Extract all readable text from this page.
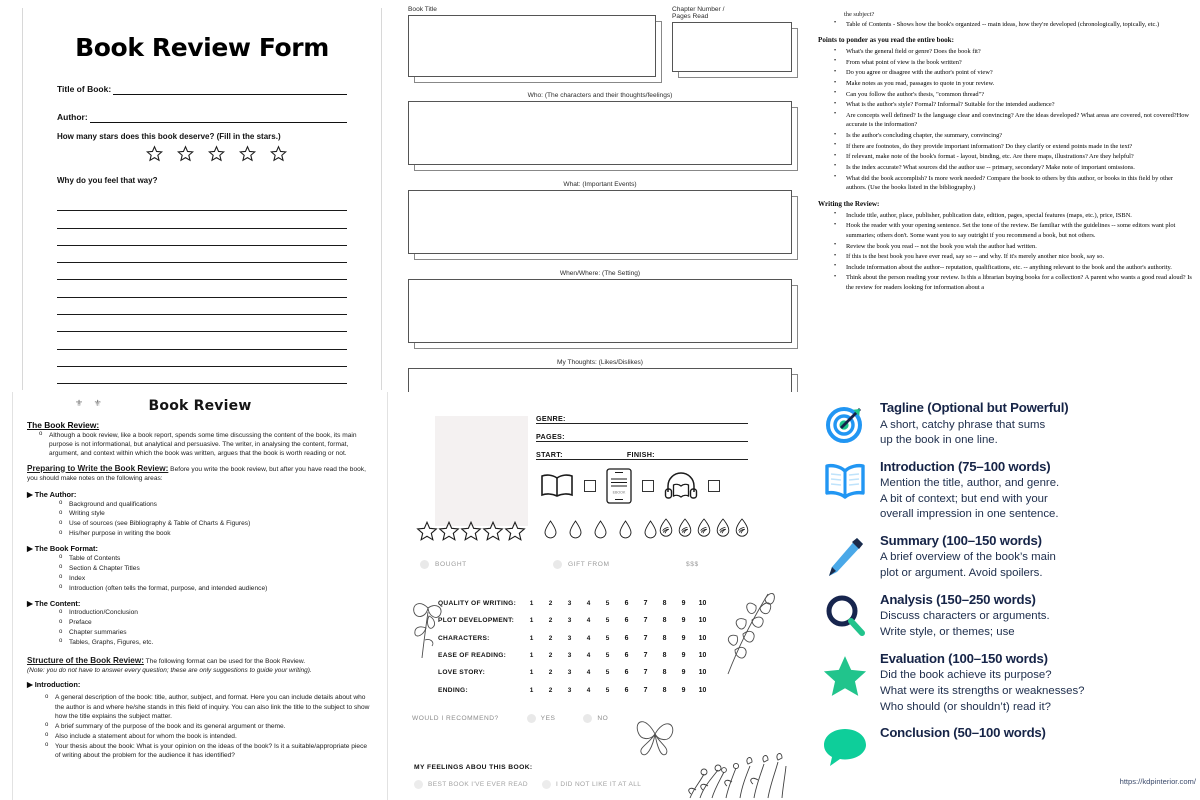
Book Review Form
Title of Book:
Author:
How many stars does this book deserve? (Fill in the stars.)
Why do you feel that way?
Book Title	Chapter Number /
Pages Read
Who: (The characters and their thoughts/feelings)
What: (Important Events)
When/Where: (The Setting)
My Thoughts: (Likes/Dislikes)
⚜ ⚜	Book Review
The Book Review:
o Although a book review, like a book report, spends some time discussing the content of the book, its main purpose is not informational, but analytical and persuasive. The writer, in analysing the content, format, argument, and context within which the book was written, argues that the book is worth reading or not.
Preparing to Write the Book Review: Before you write the book review, but after you have read the book, you should make notes on the following areas:
▶ The Author:
o Background and qualifications
o Writing style
o Use of sources (see Bibliography & Table of Charts & Figures)
o His/her purpose in writing the book
▶ The Book Format:
o Table of Contents
o Section & Chapter Titles
o Index
o Introduction (often tells the format, purpose, and intended audience)
▶ The Content:
o Introduction/Conclusion
o Preface
o Chapter summaries
o Tables, Graphs, Figures, etc.
Structure of the Book Review: The following format can be used for the Book Review.
(Note: you do not have to answer every question; these are only suggestions to guide your writing).
▶ Introduction:
o A general description of the book: title, author, subject, and format. Here you can include details about who the author is and where he/she stands in this field of inquiry. You can also link the title to the subject to show how the title explains the subject matter.
o A brief summary of the purpose of the book and its general argument or theme.
o Also include a statement about for whom the book is intended.
o Your thesis about the book: What is your opinion on the ideas of the book? Is it a suitable/appropriate piece of writing about the problem for the audience it has identified?
GENRE:
PAGES:
START:	FINISH:
EBOOK
BOUGHT	GIFT FROM	$$$
QUALITY OF WRITING:	1	2	3	4	5	6	7	8	9	10
PLOT DEVELOPMENT:	1	2	3	4	5	6	7	8	9	10
CHARACTERS:	1	2	3	4	5	6	7	8	9	10
EASE OF READING:	1	2	3	4	5	6	7	8	9	10
LOVE STORY:	1	2	3	4	5	6	7	8	9	10
ENDING:	1	2	3	4	5	6	7	8	9	10
WOULD I RECOMMEND?	YES	NO
MY FEELINGS ABOU THIS BOOK:
BEST BOOK I'VE EVER READ	I DID NOT LIKE IT AT ALL
the subject?
• Table of Contents - Shows how the book's organized -- main ideas, how they're developed (chronologically, topically, etc.)
Points to ponder as you read the entire book:
• What's the general field or genre? Does the book fit?
• From what point of view is the book written?
• Do you agree or disagree with the author's point of view?
• Make notes as you read, passages to quote in your review.
• Can you follow the author's thesis, "common thread"?
• What is the author's style? Formal? Informal? Suitable for the intended audience?
• Are concepts well defined? Is the language clear and convincing? Are the ideas developed? What areas are covered, not covered?How accurate is the information?
• Is the author's concluding chapter, the summary, convincing?
• If there are footnotes, do they provide important information? Do they clarify or extend points made in the text?
• If relevant, make note of the book's format - layout, binding, etc. Are there maps, illustrations? Are they helpful?
• Is the index accurate? What sources did the author use -- primary, secondary? Make note of important omissions.
• What did the book accomplish? Is more work needed? Compare the book to others by this author, or books in this field by other authors. (Use the books listed in the bibliography.)
Writing the Review:
• Include title, author, place, publisher, publication date, edition, pages, special features (maps, etc.), price, ISBN.
• Hook the reader with your opening sentence. Set the tone of the review. Be familiar with the guidelines -- some editors want plot summaries; others don't. Some want you to say outright if you recommend a book, but not others.
• Review the book you read -- not the book you wish the author had written.
• If this is the best book you have ever read, say so -- and why. If it's merely another nice book, say so.
• Include information about the author-- reputation, qualifications, etc. -- anything relevant to the book and the author's authority.
• Think about the person reading your review. Is this a librarian buying books for a collection? A parent who wants a good read aloud? Is the review for readers looking for information about a
Tagline (Optional but Powerful)
A short, catchy phrase that sums
up the book in one line.
Introduction (75–100 words)
Mention the title, author, and genre.
A bit of context; but end with your
overall impression in one sentence.
Summary (100–150 words)
A brief overview of the book’s main
plot or argument. Avoid spoilers.
Analysis (150–250 words)
Discuss characters or arguments.
Write style, or themes; use
Evaluation (100–150 words)
Did the book achieve its purpose?
What were its strengths or weaknesses?
Who should (or shouldn’t) read it?
Conclusion (50–100 words)
https://kdpinterior.com/
